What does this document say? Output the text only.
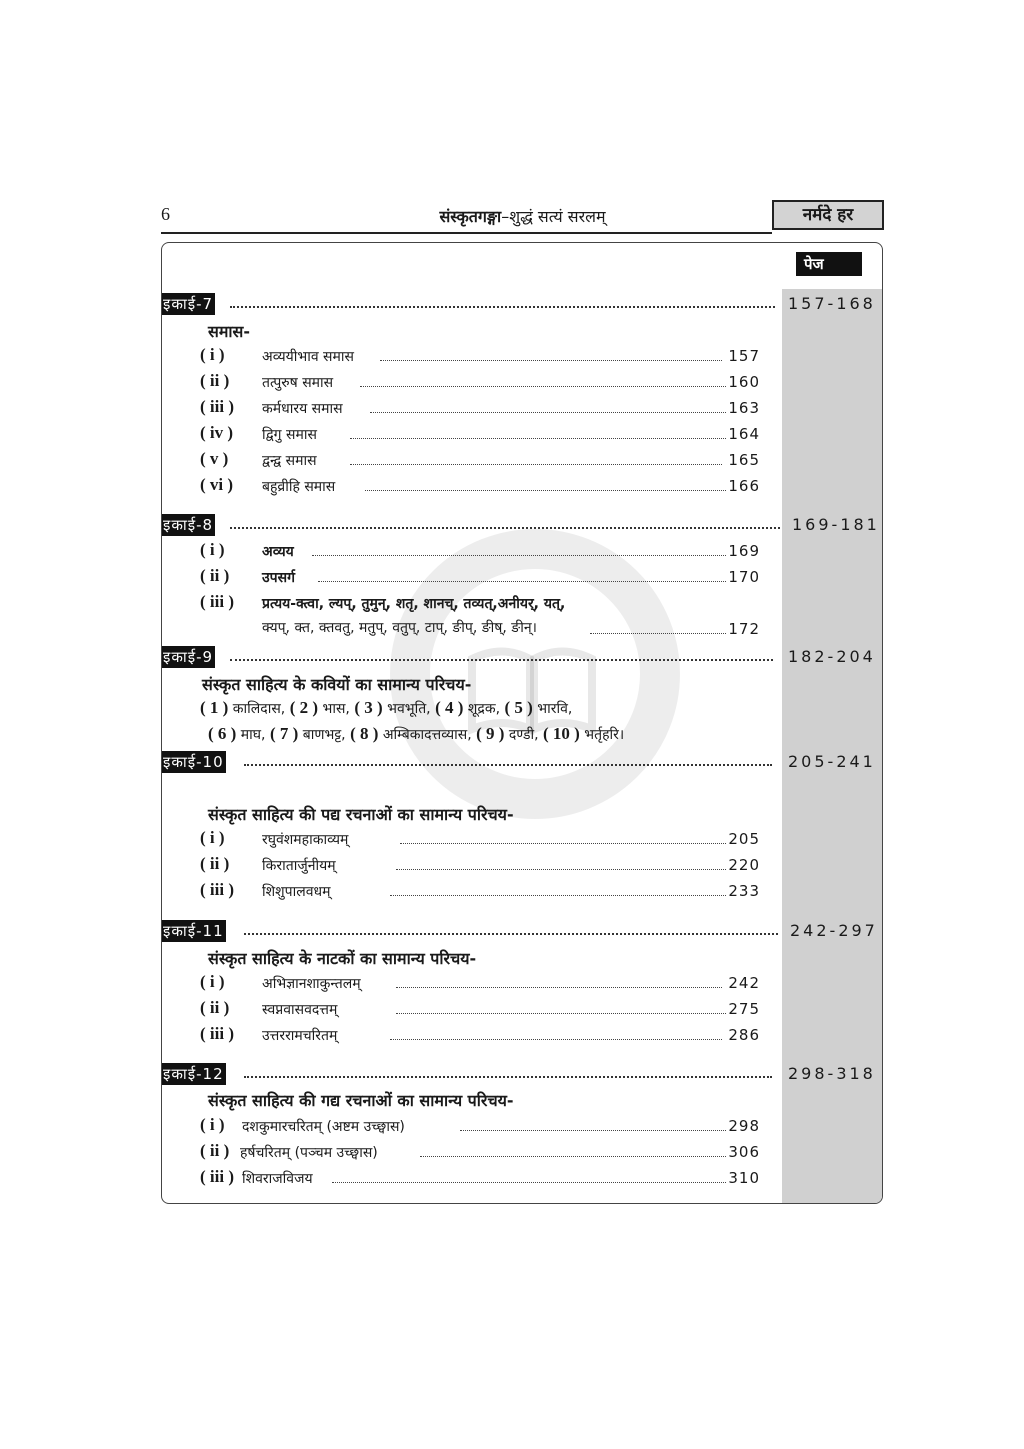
6	संस्कृतगङ्गा–शुद्धं सत्यं सरलम्	नर्मदे हर
पेज
इकाई-7	157-168
समास-
( i )	अव्ययीभाव समास	157
( ii ) तत्पुरुष समास	160
( iii ) कर्मधारय समास	163
( iv ) द्विगु समास	164
( v ) द्वन्द्व समास	165
( vi ) बहुव्रीहि समास	166
इकाई-8	169-181
( i )	अव्यय	169
( ii ) उपसर्ग	170
( iii ) प्रत्यय-क्त्वा, ल्यप्, तुमुन्, शतृ, शानच्, तव्यत्,अनीयर्, यत्,
क्यप्, क्त, क्तवतु, मतुप्, वतुप्, टाप्, ङीप्, ङीष्, ङीन्।	172
इकाई-9	182-204
संस्कृत साहित्य के कवियों का सामान्य परिचय-
( 1 ) कालिदास, ( 2 ) भास, ( 3 ) भवभूति, ( 4 ) शूद्रक, ( 5 ) भारवि,
( 6 ) माघ, ( 7 ) बाणभट्ट, ( 8 ) अम्बिकादत्तव्यास, ( 9 ) दण्डी, ( 10 ) भर्तृहरि।
इकाई-10	205-241
संस्कृत साहित्य की पद्य रचनाओं का सामान्य परिचय-
( i )	रघुवंशमहाकाव्यम्	205
( ii ) किरातार्जुनीयम्	220
( iii ) शिशुपालवधम्	233
इकाई-11	242-297
संस्कृत साहित्य के नाटकों का सामान्य परिचय-
( i )	अभिज्ञानशाकुन्तलम्	242
( ii ) स्वप्नवासवदत्तम्	275
( iii ) उत्तररामचरितम्	286
इकाई-12	298-318
संस्कृत साहित्य की गद्य रचनाओं का सामान्य परिचय-
( i ) दशकुमारचरितम् (अष्टम उच्छ्वास)	298
( ii ) हर्षचरितम् (पञ्चम उच्छ्वास)	306
( iii ) शिवराजविजय	310
